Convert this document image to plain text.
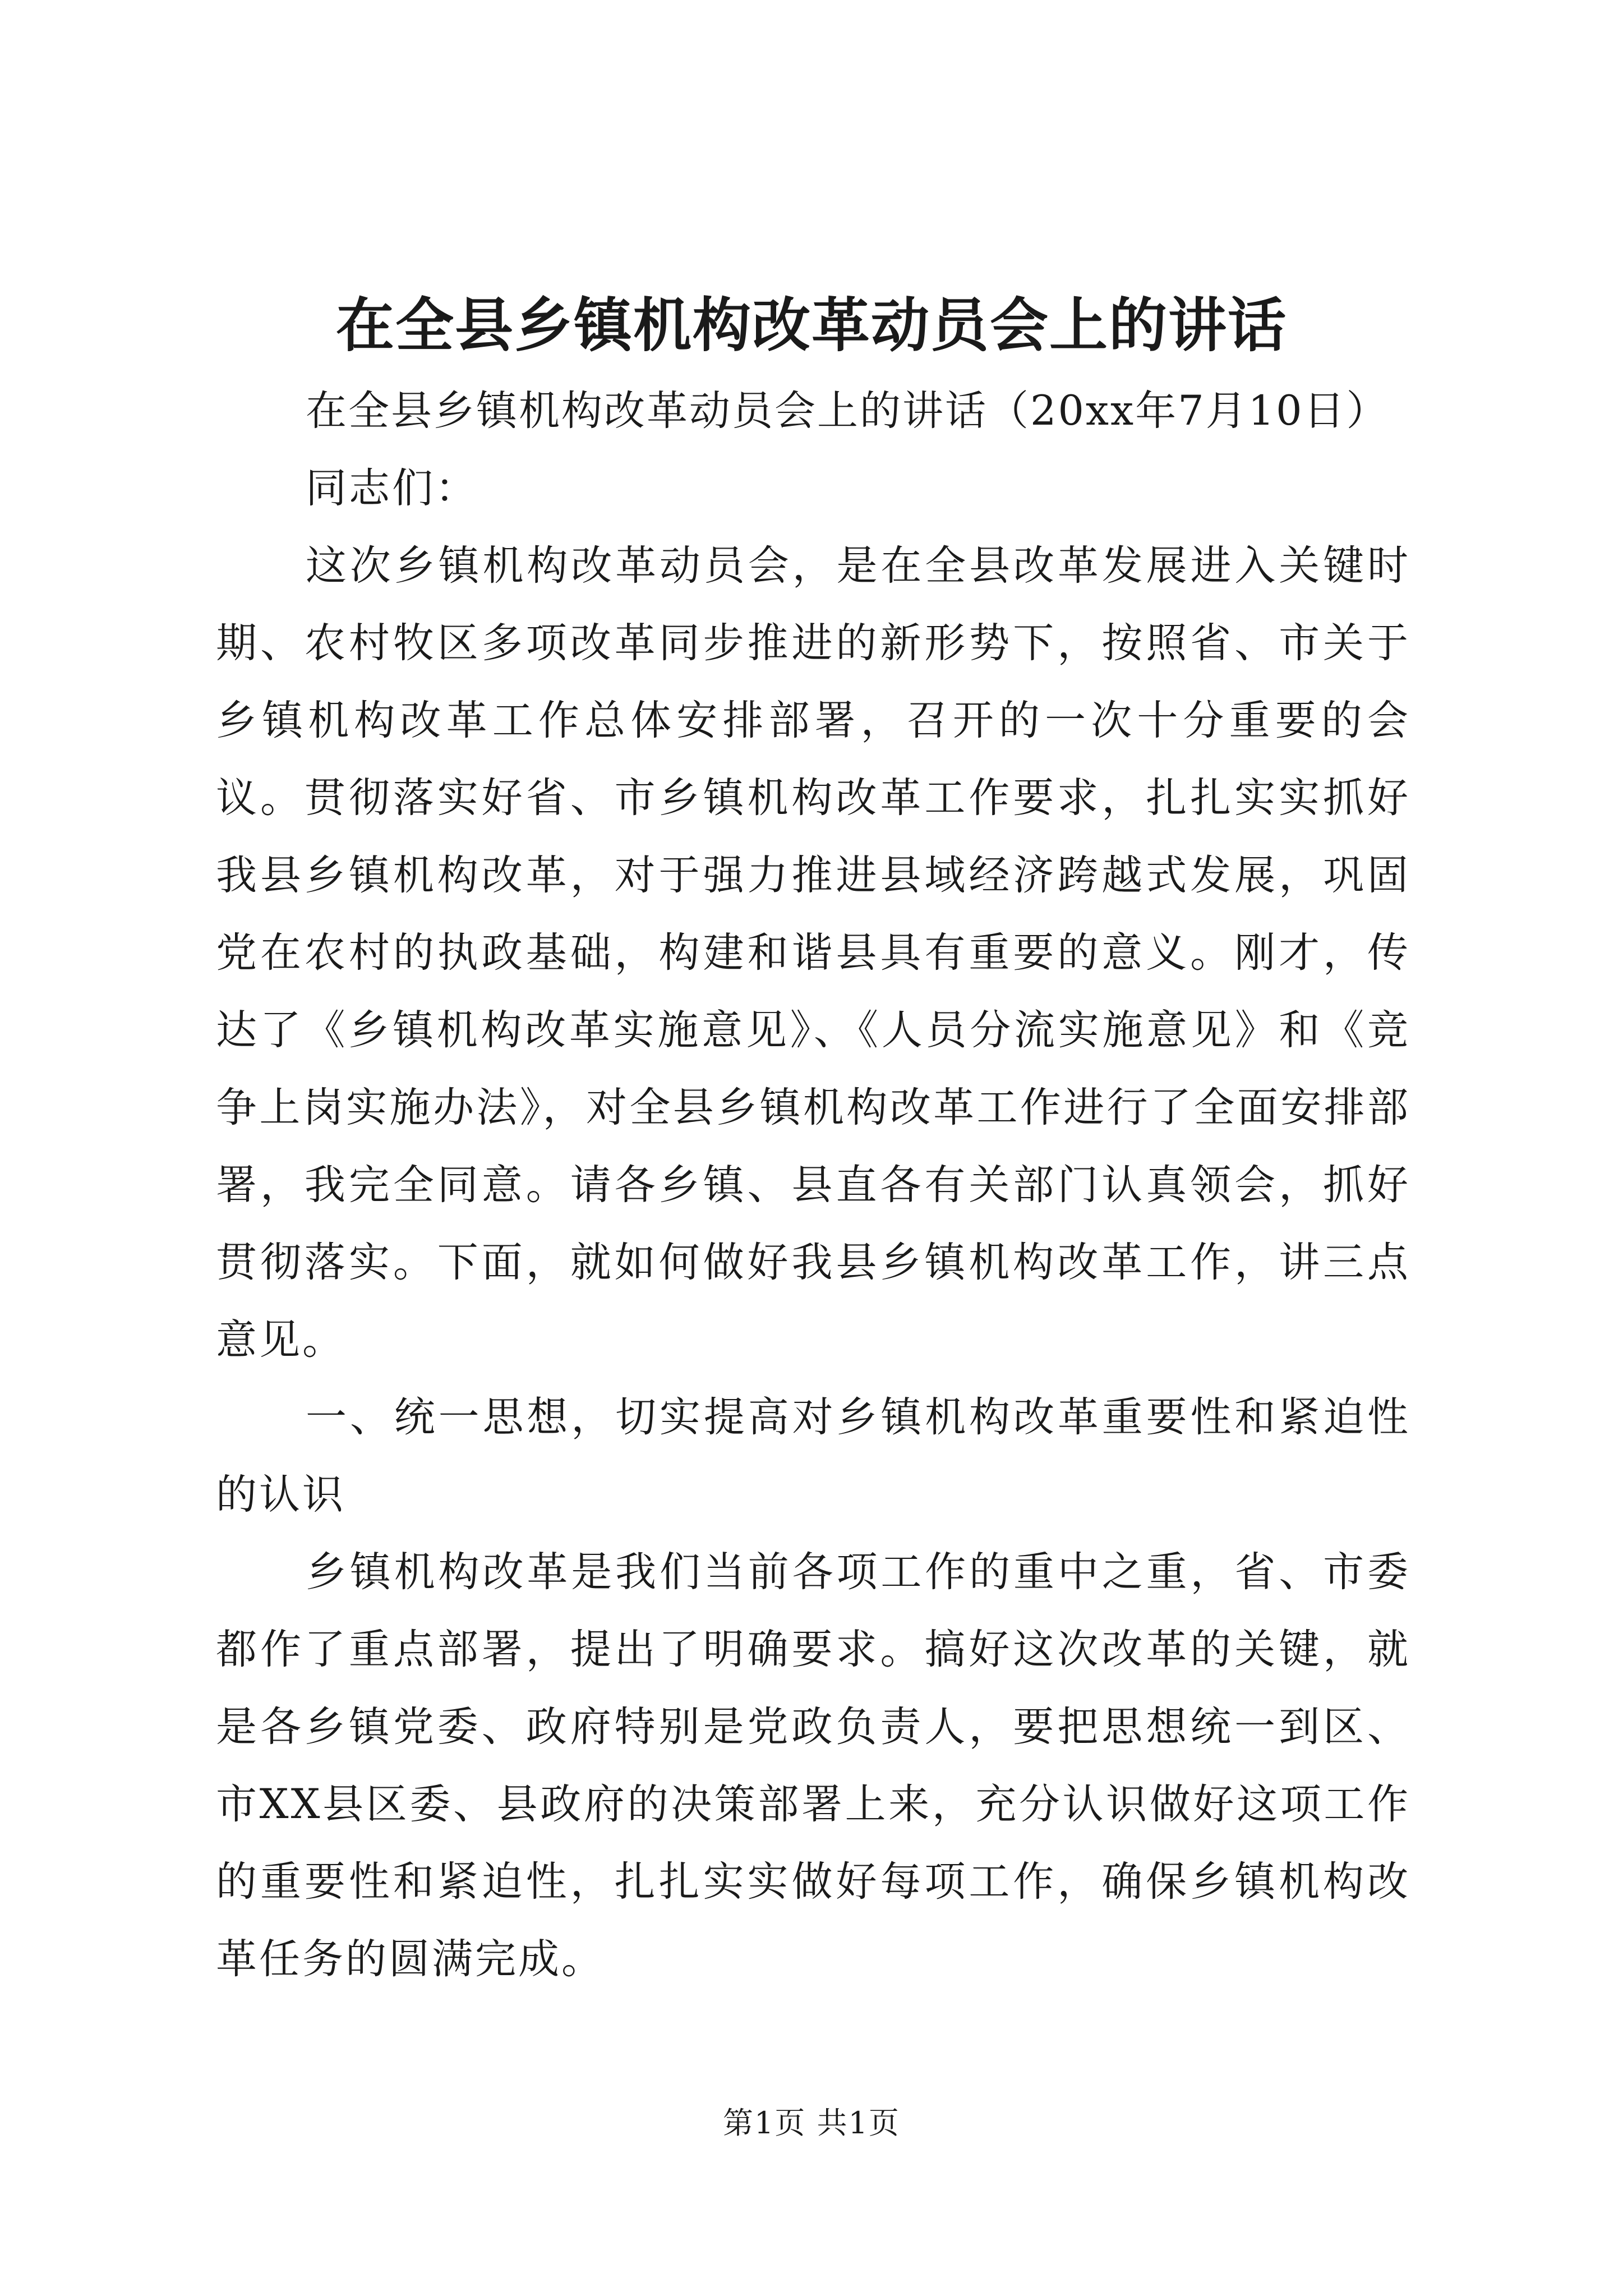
在全县乡镇机构改革动员会上的讲话

在全县乡镇机构改革动员会上的讲话（20xx年7月10日）

同志们：

这次乡镇机构改革动员会，是在全县改革发展进入关键时期、农村牧区多项改革同步推进的新形势下，按照省、市关于乡镇机构改革工作总体安排部署，召开的一次十分重要的会议。贯彻落实好省、市乡镇机构改革工作要求，扎扎实实抓好我县乡镇机构改革，对于强力推进县域经济跨越式发展，巩固党在农村的执政基础，构建和谐县具有重要的意义。刚才，传达了《乡镇机构改革实施意见》、《人员分流实施意见》和《竞争上岗实施办法》，对全县乡镇机构改革工作进行了全面安排部署，我完全同意。请各乡镇、县直各有关部门认真领会，抓好贯彻落实。下面，就如何做好我县乡镇机构改革工作，讲三点意见。

一、统一思想，切实提高对乡镇机构改革重要性和紧迫性的认识

乡镇机构改革是我们当前各项工作的重中之重，省、市委都作了重点部署，提出了明确要求。搞好这次改革的关键，就是各乡镇党委、政府特别是党政负责人，要把思想统一到区、市XX县区委、县政府的决策部署上来，充分认识做好这项工作的重要性和紧迫性，扎扎实实做好每项工作，确保乡镇机构改革任务的圆满完成。

第1页 共1页
